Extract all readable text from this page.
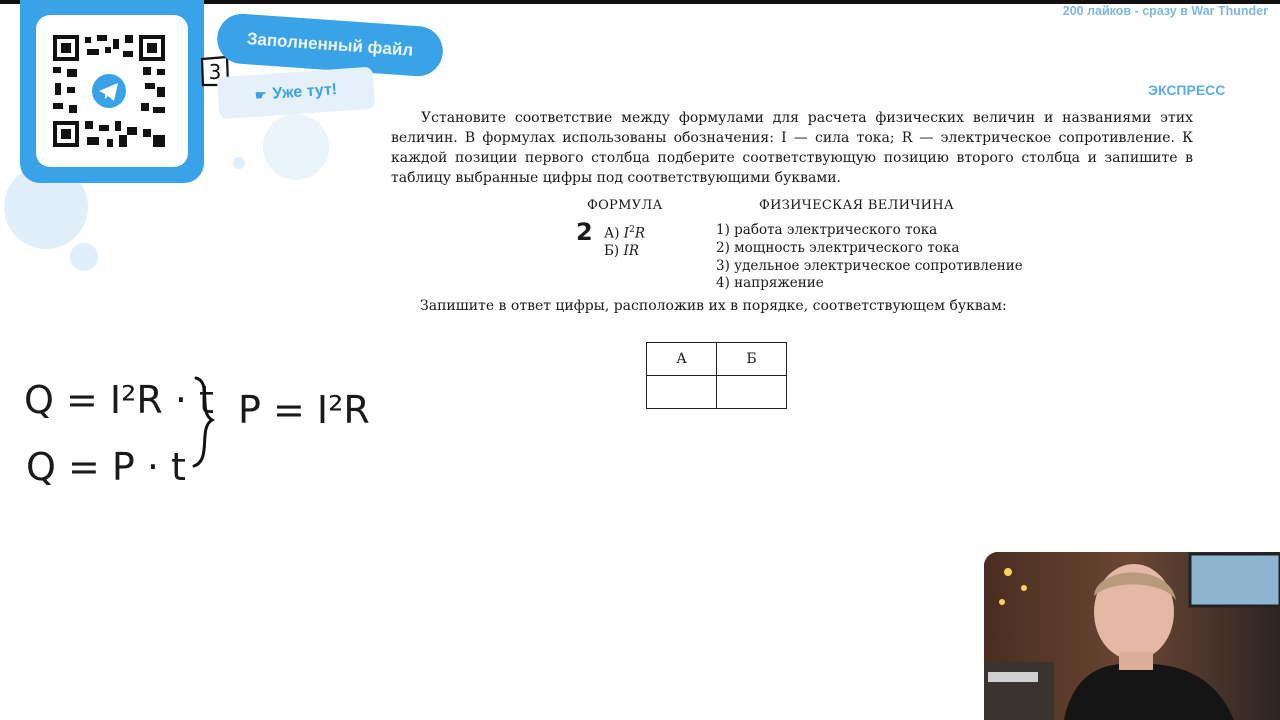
200 лайков - сразу в War Thunder
3
Заполненный файл
☛ Уже тут!	ЭКСПРЕСС

Установите соответствие между формулами для расчета физических величин и названиями этих величин. В формулах использованы обозначения: I — сила тока; R — электрическое сопротивление. К каждой позиции первого столбца подберите соответствующую позицию второго столбца и запишите в таблицу выбранные цифры под соответствующими буквами.

ФОРМУЛА	ФИЗИЧЕСКАЯ ВЕЛИЧИНА
А) $I^2R$
Б) IR
1) работа электрического тока
2) мощность электрического тока
3) удельное электрическое сопротивление
4) напряжение
Запишите в ответ цифры, расположив их в порядке, соответствующем буквам:
А	Б

2
Q = I²R · t
Q = P · t
P = I²R
